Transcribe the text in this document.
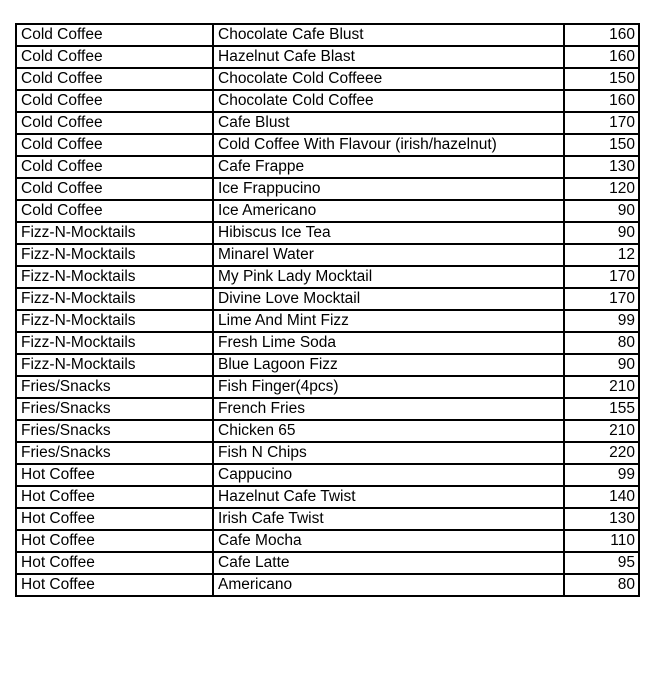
Cold Coffee	Chocolate Cafe Blust	160
Cold Coffee	Hazelnut Cafe Blast	160
Cold Coffee	Chocolate Cold Coffeee	150
Cold Coffee	Chocolate Cold Coffee	160
Cold Coffee	Cafe Blust	170
Cold Coffee	Cold Coffee With Flavour (irish/hazelnut)	150
Cold Coffee	Cafe Frappe	130
Cold Coffee	Ice Frappucino	120
Cold Coffee	Ice Americano	90
Fizz-N-Mocktails	Hibiscus Ice Tea	90
Fizz-N-Mocktails	Minarel Water	12
Fizz-N-Mocktails	My Pink Lady Mocktail	170
Fizz-N-Mocktails	Divine Love Mocktail	170
Fizz-N-Mocktails	Lime And Mint Fizz	99
Fizz-N-Mocktails	Fresh Lime Soda	80
Fizz-N-Mocktails	Blue Lagoon Fizz	90
Fries/Snacks	Fish Finger(4pcs)	210
Fries/Snacks	French Fries	155
Fries/Snacks	Chicken 65	210
Fries/Snacks	Fish N Chips	220
Hot Coffee	Cappucino	99
Hot Coffee	Hazelnut Cafe Twist	140
Hot Coffee	Irish Cafe Twist	130
Hot Coffee	Cafe Mocha	110
Hot Coffee	Cafe Latte	95
Hot Coffee	Americano	80
